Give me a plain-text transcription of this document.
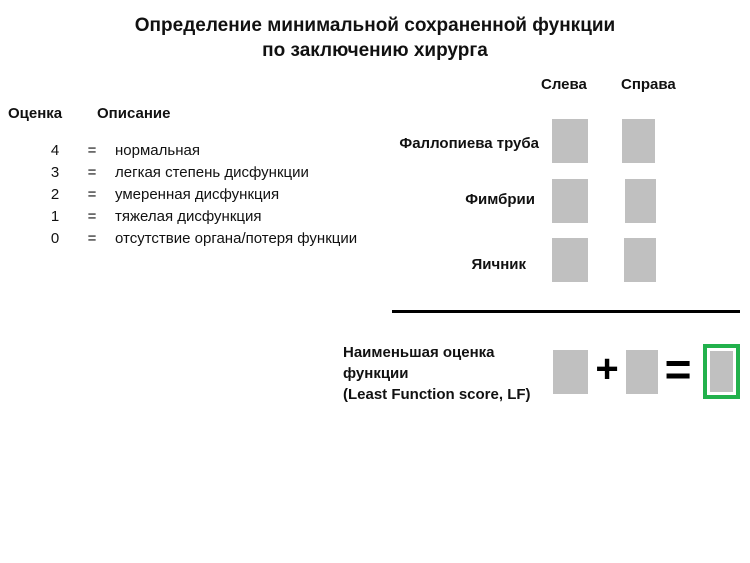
Определение минимальной сохраненной функции
по заключению хирурга
Оценка Описание
4	= нормальная
3	= легкая степень дисфункции
2	= умеренная дисфункция
1	= тяжелая дисфункция
0	= отсутствие органа/потеря функции
Слева Справа
Фаллопиева труба
Фимбрии
Яичник
Наименьшая оценка
функции
(Least Function score, LF)
+ =
